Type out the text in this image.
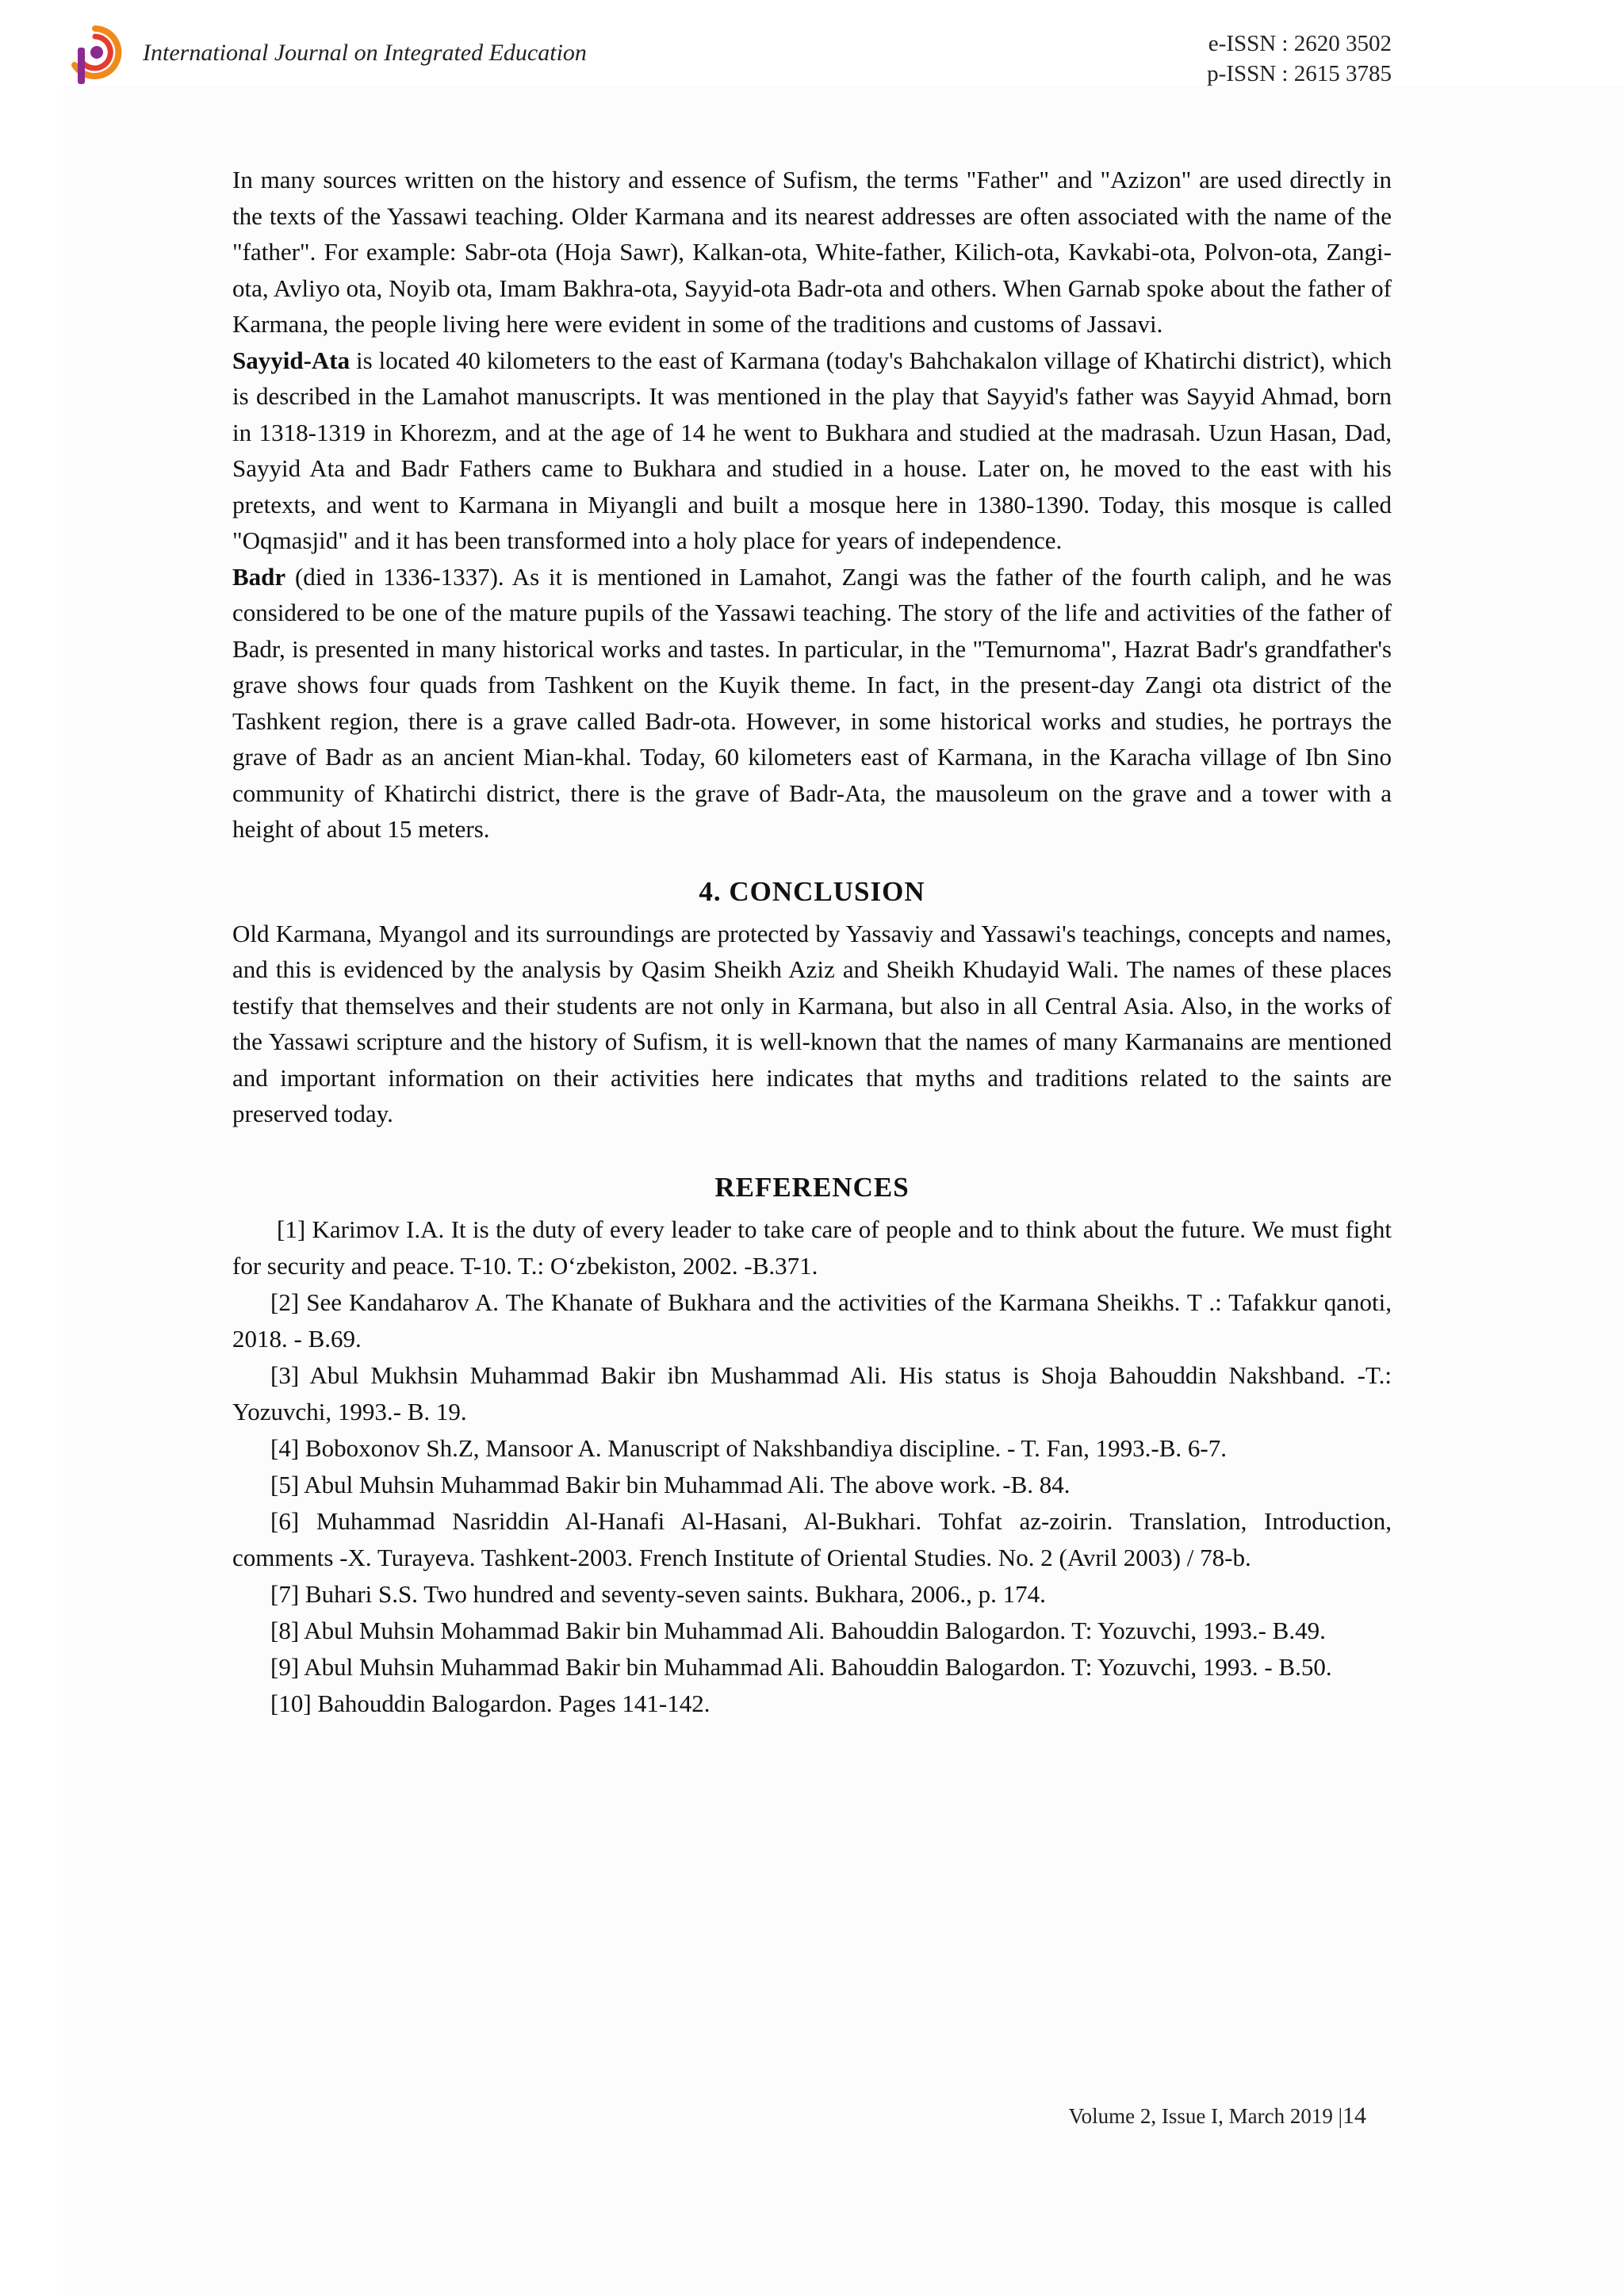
International Journal on Integrated Education	e-ISSN : 2620 3502
p-ISSN : 2615 3785

In many sources written on the history and essence of Sufism, the terms "Father" and "Azizon" are used directly in the texts of the Yassawi teaching. Older Karmana and its nearest addresses are often associated with the name of the "father". For example: Sabr-ota (Hoja Sawr), Kalkan-ota, White-father, Kilich-ota, Kavkabi-ota, Polvon-ota, Zangi-ota, Avliyo ota, Noyib ota, Imam Bakhra-ota, Sayyid-ota Badr-ota and others. When Garnab spoke about the father of Karmana, the people living here were evident in some of the traditions and customs of Jassavi.

Sayyid-Ata is located 40 kilometers to the east of Karmana (today's Bahchakalon village of Khatirchi district), which is described in the Lamahot manuscripts. It was mentioned in the play that Sayyid's father was Sayyid Ahmad, born in 1318-1319 in Khorezm, and at the age of 14 he went to Bukhara and studied at the madrasah. Uzun Hasan, Dad, Sayyid Ata and Badr Fathers came to Bukhara and studied in a house. Later on, he moved to the east with his pretexts, and went to Karmana in Miyangli and built a mosque here in 1380-1390. Today, this mosque is called "Oqmasjid" and it has been transformed into a holy place for years of independence.

Badr (died in 1336-1337). As it is mentioned in Lamahot, Zangi was the father of the fourth caliph, and he was considered to be one of the mature pupils of the Yassawi teaching. The story of the life and activities of the father of Badr, is presented in many historical works and tastes. In particular, in the "Temurnoma", Hazrat Badr's grandfather's grave shows four quads from Tashkent on the Kuyik theme. In fact, in the present-day Zangi ota district of the Tashkent region, there is a grave called Badr-ota. However, in some historical works and studies, he portrays the grave of Badr as an ancient Mian-khal. Today, 60 kilometers east of Karmana, in the Karacha village of Ibn Sino community of Khatirchi district, there is the grave of Badr-Ata, the mausoleum on the grave and a tower with a height of about 15 meters.

4. CONCLUSION

Old Karmana, Myangol and its surroundings are protected by Yassaviy and Yassawi's teachings, concepts and names, and this is evidenced by the analysis by Qasim Sheikh Aziz and Sheikh Khudayid Wali. The names of these places testify that themselves and their students are not only in Karmana, but also in all Central Asia. Also, in the works of the Yassawi scripture and the history of Sufism, it is well-known that the names of many Karmanains are mentioned and important information on their activities here indicates that myths and traditions related to the saints are preserved today.

REFERENCES

[1] Karimov I.A. It is the duty of every leader to take care of people and to think about the future. We must fight for security and peace. T-10. T.: O‘zbekiston, 2002. -B.371.

[2] See Kandaharov A. The Khanate of Bukhara and the activities of the Karmana Sheikhs. T .: Tafakkur qanoti, 2018. - B.69.

[3] Abul Mukhsin Muhammad Bakir ibn Mushammad Ali. His status is Shoja Bahouddin Nakshband. -T.: Yozuvchi, 1993.- B. 19.

[4] Boboxonov Sh.Z, Mansoor A. Manuscript of Nakshbandiya discipline. - T. Fan, 1993.-B. 6-7.

[5] Abul Muhsin Muhammad Bakir bin Muhammad Ali. The above work. -B. 84.

[6] Muhammad Nasriddin Al-Hanafi Al-Hasani, Al-Bukhari. Tohfat az-zoirin. Translation, Introduction, comments -X. Turayeva. Tashkent-2003. French Institute of Oriental Studies. No. 2 (Avril 2003) / 78-b.

[7] Buhari S.S. Two hundred and seventy-seven saints. Bukhara, 2006., p. 174.

[8] Abul Muhsin Mohammad Bakir bin Muhammad Ali. Bahouddin Balogardon. T: Yozuvchi, 1993.- B.49.

[9] Abul Muhsin Muhammad Bakir bin Muhammad Ali. Bahouddin Balogardon. T: Yozuvchi, 1993. - B.50.

[10] Bahouddin Balogardon. Pages 141-142.

Volume 2, Issue I, March 2019 |14
